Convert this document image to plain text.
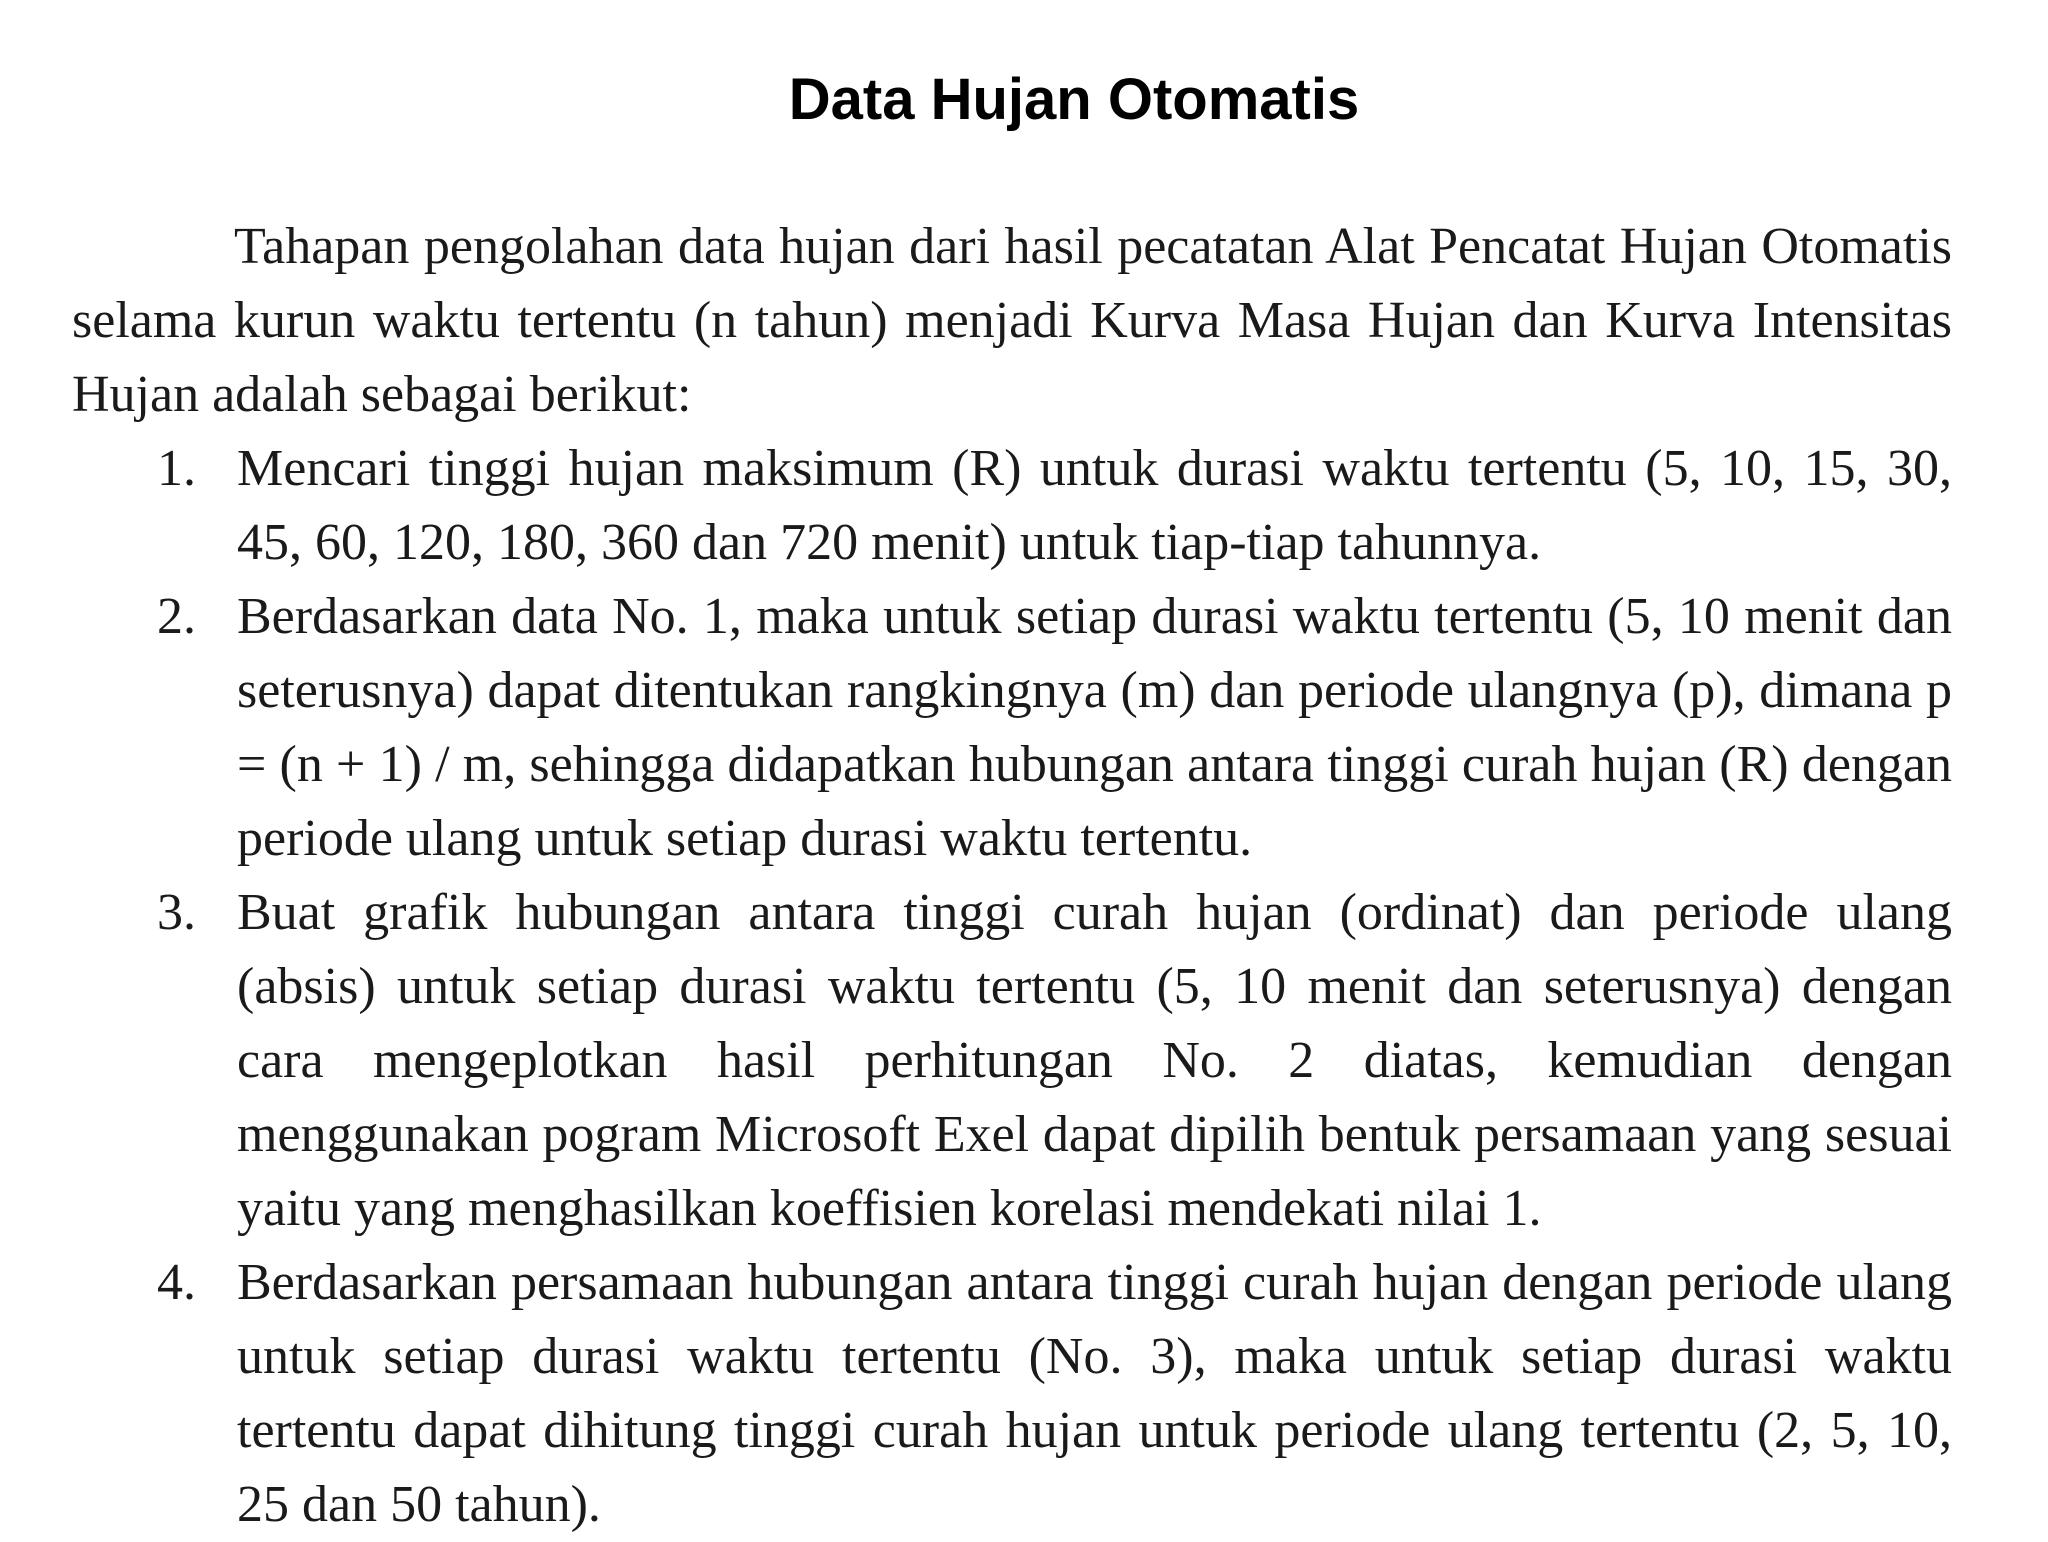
Data Hujan Otomatis

Tahapan pengolahan data hujan dari hasil pecatatan Alat Pencatat Hujan Otomatis selama kurun waktu tertentu (n tahun) menjadi Kurva Masa Hujan dan Kurva Intensitas Hujan adalah sebagai berikut:

1. Mencari tinggi hujan maksimum (R) untuk durasi waktu tertentu (5, 10, 15, 30, 45, 60, 120, 180, 360 dan 720 menit) untuk tiap-tiap tahunnya.
2. Berdasarkan data No. 1, maka untuk setiap durasi waktu tertentu (5, 10 menit dan seterusnya) dapat ditentukan rangkingnya (m) dan periode ulangnya (p), dimana p = (n + 1) / m, sehingga didapatkan hubungan antara tinggi curah hujan (R) dengan periode ulang untuk setiap durasi waktu tertentu.
3. Buat grafik hubungan antara tinggi curah hujan (ordinat) dan periode ulang (absis) untuk setiap durasi waktu tertentu (5, 10 menit dan seterusnya) dengan cara mengeplotkan hasil perhitungan No. 2 diatas, kemudian dengan menggunakan pogram Microsoft Exel dapat dipilih bentuk persamaan yang sesuai yaitu yang menghasilkan koeffisien korelasi mendekati nilai 1.
4. Berdasarkan persamaan hubungan antara tinggi curah hujan dengan periode ulang untuk setiap durasi waktu tertentu (No. 3), maka untuk setiap durasi waktu tertentu dapat dihitung tinggi curah hujan untuk periode ulang tertentu (2, 5, 10, 25 dan 50 tahun).
